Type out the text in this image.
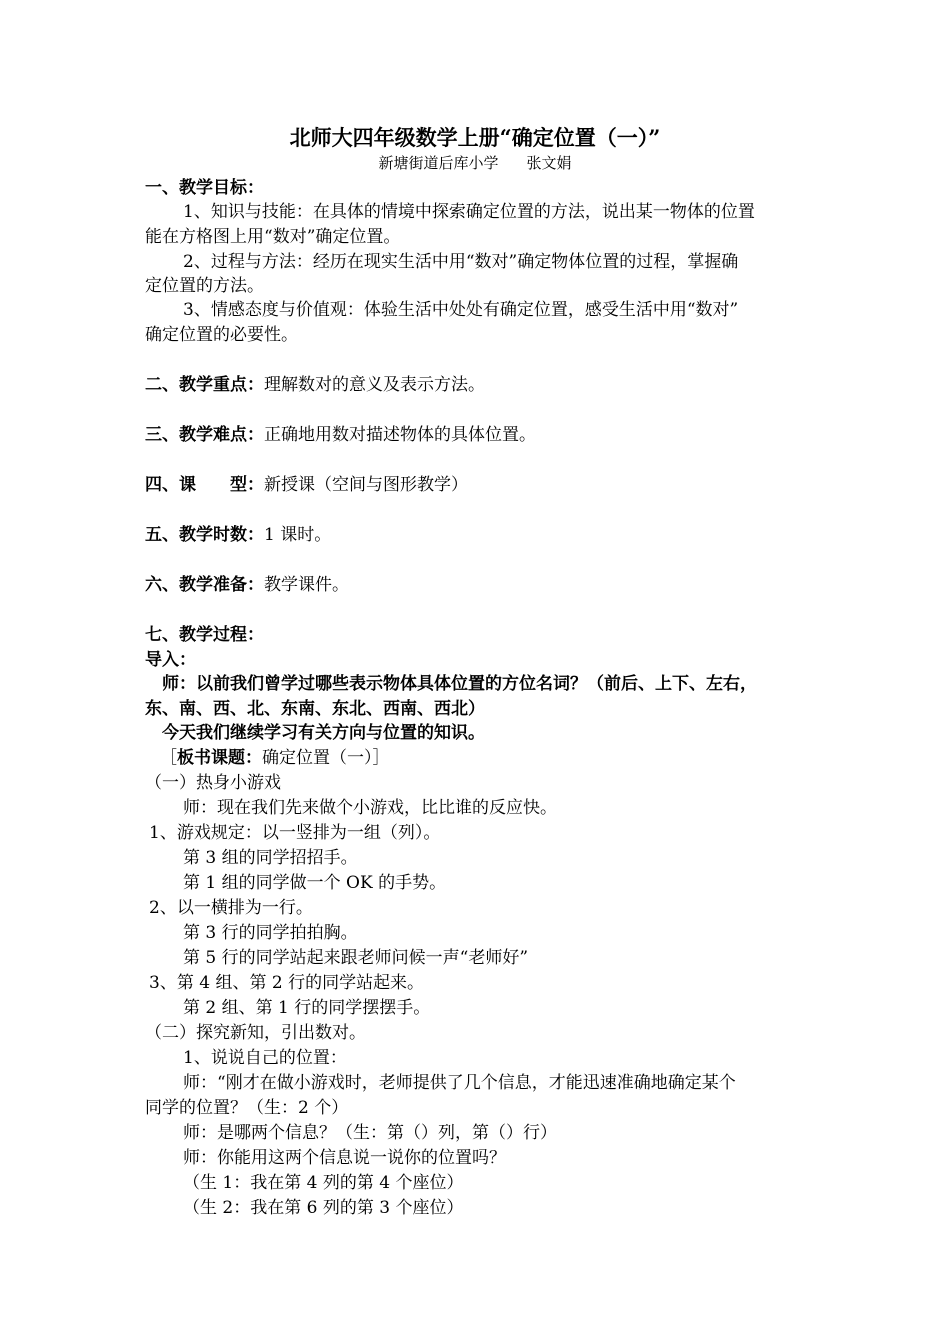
北师大四年级数学上册“确定位置（一）”
新塘街道后库小学 张文娟
一、教学目标：
1、知识与技能：在具体的情境中探索确定位置的方法，说出某一物体的位置
能在方格图上用“数对”确定位置。
2、过程与方法：经历在现实生活中用“数对”确定物体位置的过程，掌握确
定位置的方法。
3、情感态度与价值观：体验生活中处处有确定位置，感受生活中用“数对”
确定位置的必要性。
二、教学重点：理解数对的意义及表示方法。
三、教学难点：正确地用数对描述物体的具体位置。
四、课　　型：新授课（空间与图形教学）
五、教学时数：1 课时。
六、教学准备：教学课件。
七、教学过程：
导入：
师：以前我们曾学过哪些表示物体具体位置的方位名词？（前后、上下、左右，
东、南、西、北、东南、东北、西南、西北）
今天我们继续学习有关方向与位置的知识。
［板书课题：确定位置（一）］
（一）热身小游戏
师：现在我们先来做个小游戏，比比谁的反应快。
1、游戏规定：以一竖排为一组（列）。
第 3 组的同学招招手。
第 1 组的同学做一个 OK 的手势。
2、以一横排为一行。
第 3 行的同学拍拍胸。
第 5 行的同学站起来跟老师问候一声“老师好”
3、第 4 组、第 2 行的同学站起来。
第 2 组、第 1 行的同学摆摆手。
（二）探究新知，引出数对。
1、说说自己的位置：
师：“刚才在做小游戏时，老师提供了几个信息，才能迅速准确地确定某个
同学的位置？（生：2 个）
师：是哪两个信息？（生：第（）列，第（）行）
师：你能用这两个信息说一说你的位置吗？
（生 1：我在第 4 列的第 4 个座位）
（生 2：我在第 6 列的第 3 个座位）
